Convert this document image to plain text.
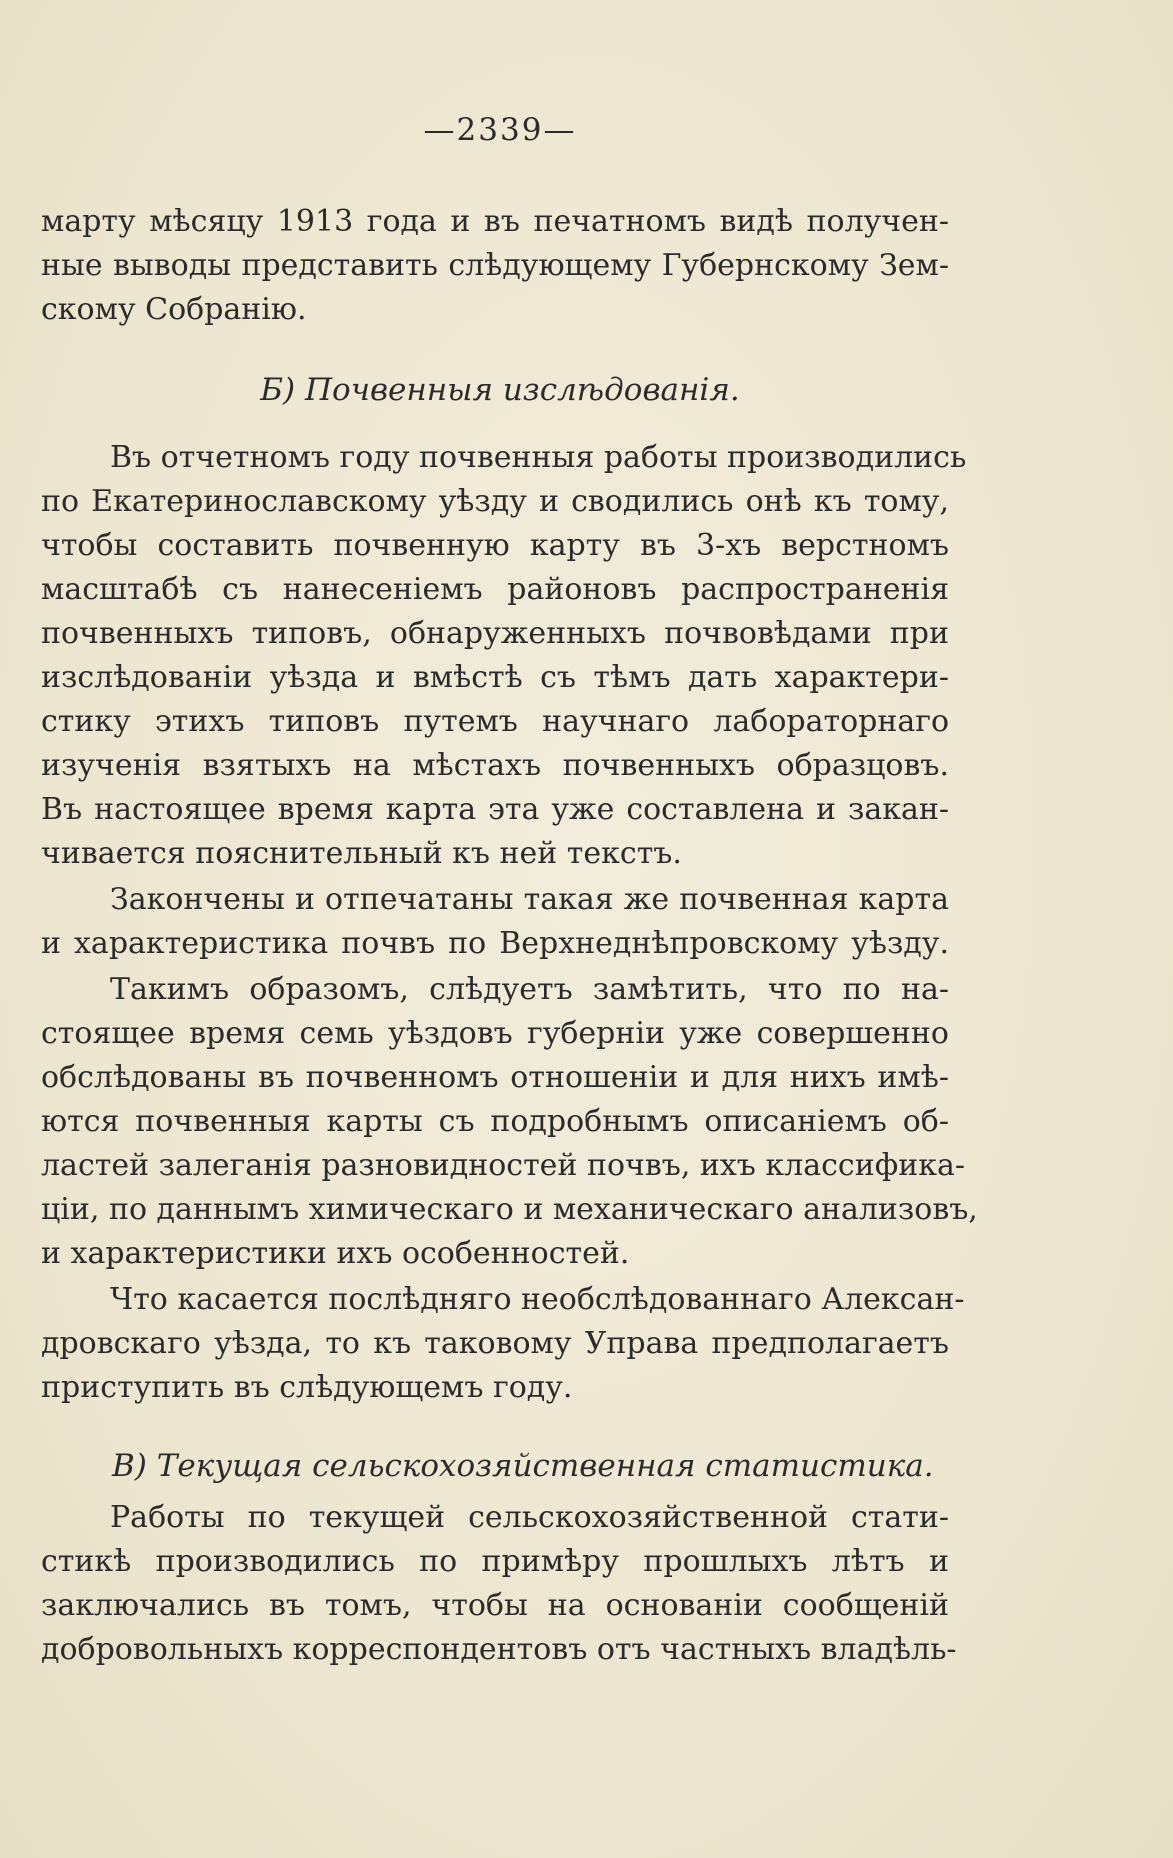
—2339—
марту мѣсяцу 1913 года и въ печатномъ видѣ получен-
ные выводы представить слѣдующему Губернскому Зем-
скому Собранію.
Б) Почвенныя изслѣдованія.
Въ отчетномъ году почвенныя работы производились
по Екатеринославскому уѣзду и сводились онѣ къ тому,
чтобы составить почвенную карту въ 3-хъ верстномъ
масштабѣ съ нанесеніемъ районовъ распространенія
почвенныхъ типовъ, обнаруженныхъ почвовѣдами при
изслѣдованіи уѣзда и вмѣстѣ съ тѣмъ дать характери-
стику этихъ типовъ путемъ научнаго лабораторнаго
изученія взятыхъ на мѣстахъ почвенныхъ образцовъ.
Въ настоящее время карта эта уже составлена и закан-
чивается пояснительный къ ней текстъ.
Закончены и отпечатаны такая же почвенная карта
и характеристика почвъ по Верхнеднѣпровскому уѣзду.
Такимъ образомъ, слѣдуетъ замѣтить, что по на-
стоящее время семь уѣздовъ губерніи уже совершенно
обслѣдованы въ почвенномъ отношеніи и для нихъ имѣ-
ются почвенныя карты съ подробнымъ описаніемъ об-
ластей залеганія разновидностей почвъ, ихъ классифика-
ціи, по даннымъ химическаго и механическаго анализовъ,
и характеристики ихъ особенностей.
Что касается послѣдняго необслѣдованнаго Алексан-
дровскаго уѣзда, то къ таковому Управа предполагаетъ
приступить въ слѣдующемъ году.
В) Текущая сельскохозяйственная статистика.
Работы по текущей сельскохозяйственной стати-
стикѣ производились по примѣру прошлыхъ лѣтъ и
заключались въ томъ, чтобы на основаніи сообщеній
добровольныхъ корреспондентовъ отъ частныхъ владѣль-
